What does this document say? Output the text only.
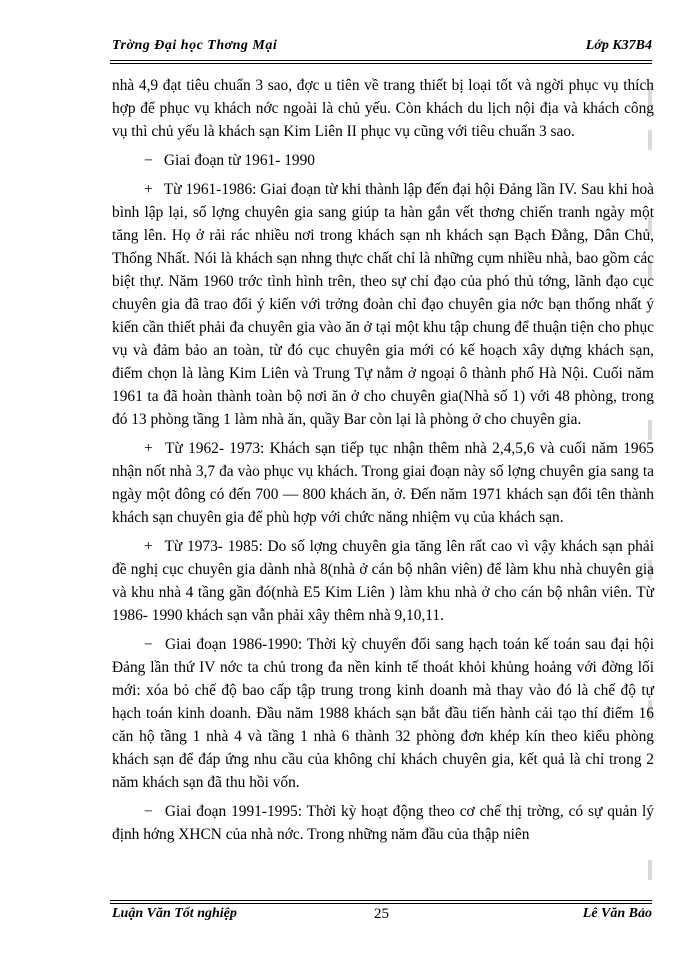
Trờng Đại học Thơng Mại	Lớp K37B4

nhà 4,9 đạt tiêu chuẩn 3 sao, đợc u tiên về trang thiết bị loại tốt và ngời phục vụ thích hợp để phục vụ khách nớc ngoài là chủ yếu. Còn khách du lịch nội địa và khách công vụ thì chủ yếu là khách sạn Kim Liên II phục vụ cũng với tiêu chuẩn 3 sao.

− Giai đoạn từ 1961- 1990

+ Từ 1961-1986: Giai đoạn từ khi thành lập đến đại hội Đảng lần IV. Sau khi hoà bình lập lại, số lợng chuyên gia sang giúp ta hàn gắn vết thơng chiến tranh ngày một tăng lên. Họ ở rải rác nhiều nơi trong khách sạn nh khách sạn Bạch Đằng, Dân Chủ, Thống Nhất. Nói là khách sạn nhng thực chất chỉ là những cụm nhiều nhà, bao gồm các biệt thự. Năm 1960 trớc tình hình trên, theo sự chỉ đạo của phó thủ tớng, lãnh đạo cục chuyên gia đã trao đổi ý kiến với trởng đoàn chỉ đạo chuyên gia nớc bạn thống nhất ý kiến cần thiết phải đa chuyên gia vào ăn ở tại một khu tập chung để thuận tiện cho phục vụ và đảm bảo an toàn, từ đó cục chuyên gia mới có kế hoạch xây dựng khách sạn, điểm chọn là làng Kim Liên và Trung Tự nằm ở ngoại ô thành phố Hà Nội. Cuối năm 1961 ta đã hoàn thành toàn bộ nơi ăn ở cho chuyên gia(Nhà số 1) với 48 phòng, trong đó 13 phòng tầng 1 làm nhà ăn, quầy Bar còn lại là phòng ở cho chuyên gia.

+ Từ 1962- 1973: Khách sạn tiếp tục nhận thêm nhà 2,4,5,6 và cuối năm 1965 nhận nốt nhà 3,7 đa vào phục vụ khách. Trong giai đoạn này số lợng chuyên gia sang ta ngày một đông có đến 700 — 800 khách ăn, ở. Đến năm 1971 khách sạn đổi tên thành khách sạn chuyên gia để phù hợp với chức năng nhiệm vụ của khách sạn.

+ Từ 1973- 1985: Do số lợng chuyên gia tăng lên rất cao vì vậy khách sạn phải đề nghị cục chuyên gia dành nhà 8(nhà ở cán bộ nhân viên) để làm khu nhà chuyên gia và khu nhà 4 tầng gần đó(nhà E5 Kim Liên ) làm khu nhà ở cho cán bộ nhân viên. Từ 1986- 1990 khách sạn vẫn phải xây thêm nhà 9,10,11.

− Giai đoạn 1986-1990: Thời kỳ chuyển đổi sang hạch toán kế toán sau đại hội Đảng lần thứ IV nớc ta chủ trong đa nền kinh tế thoát khỏi khủng hoảng với đờng lối mới: xóa bỏ chế độ bao cấp tập trung trong kinh doanh mà thay vào đó là chế độ tự hạch toán kinh doanh. Đầu năm 1988 khách sạn bắt đầu tiến hành cải tạo thí điểm 16 căn hộ tầng 1 nhà 4 và tầng 1 nhà 6 thành 32 phòng đơn khép kín theo kiểu phòng khách sạn để đáp ứng nhu cầu của không chỉ khách chuyên gia, kết quả là chỉ trong 2 năm khách sạn đã thu hồi vốn.

− Giai đoạn 1991-1995: Thời kỳ hoạt động theo cơ chế thị trờng, có sự quản lý định hớng XHCN của nhà nớc. Trong những năm đầu của thập niên

Luận Văn Tốt nghiệp	25	Lê Văn Bảo
